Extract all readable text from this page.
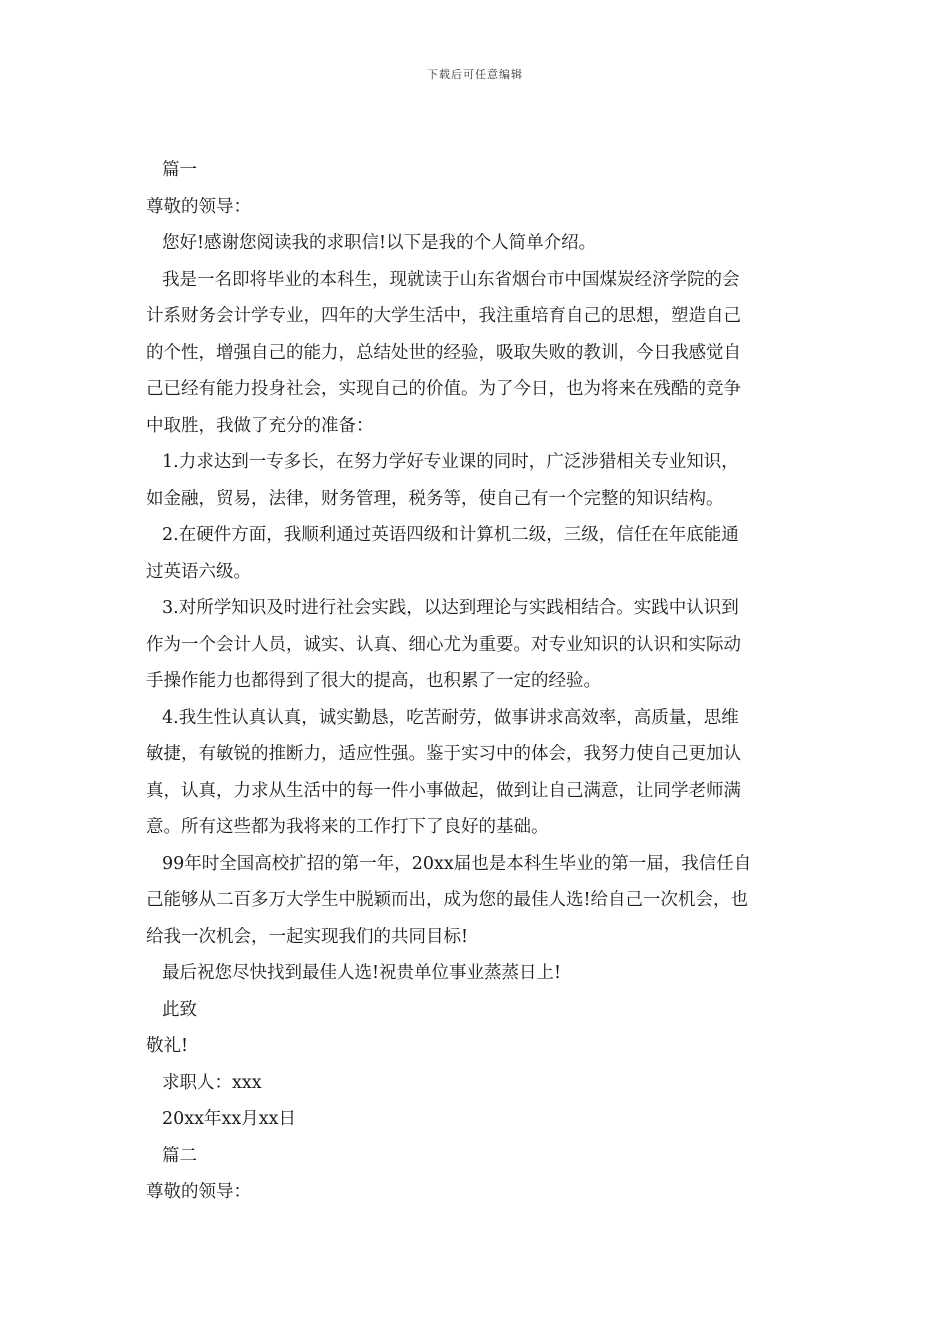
下载后可任意编辑

篇一

尊敬的领导：

您好!感谢您阅读我的求职信!以下是我的个人简单介绍。

我是一名即将毕业的本科生，现就读于山东省烟台市中国煤炭经济学院的会

计系财务会计学专业，四年的大学生活中，我注重培育自己的思想，塑造自己

的个性，增强自己的能力，总结处世的经验，吸取失败的教训，今日我感觉自

己已经有能力投身社会，实现自己的价值。为了今日，也为将来在残酷的竞争

中取胜，我做了充分的准备：

1.力求达到一专多长，在努力学好专业课的同时，广泛涉猎相关专业知识，

如金融，贸易，法律，财务管理，税务等，使自己有一个完整的知识结构。

2.在硬件方面，我顺利通过英语四级和计算机二级，三级，信任在年底能通

过英语六级。

3.对所学知识及时进行社会实践，以达到理论与实践相结合。实践中认识到

作为一个会计人员，诚实、认真、细心尤为重要。对专业知识的认识和实际动

手操作能力也都得到了很大的提高，也积累了一定的经验。

4.我生性认真认真，诚实勤恳，吃苦耐劳，做事讲求高效率，高质量，思维

敏捷，有敏锐的推断力，适应性强。鉴于实习中的体会，我努力使自己更加认

真，认真，力求从生活中的每一件小事做起，做到让自己满意，让同学老师满

意。所有这些都为我将来的工作打下了良好的基础。

99年时全国高校扩招的第一年，20xx届也是本科生毕业的第一届，我信任自

己能够从二百多万大学生中脱颖而出，成为您的最佳人选!给自己一次机会，也

给我一次机会，一起实现我们的共同目标!

最后祝您尽快找到最佳人选!祝贵单位事业蒸蒸日上!

此致

敬礼!

求职人：xxx

20xx年xx月xx日

篇二

尊敬的领导：
